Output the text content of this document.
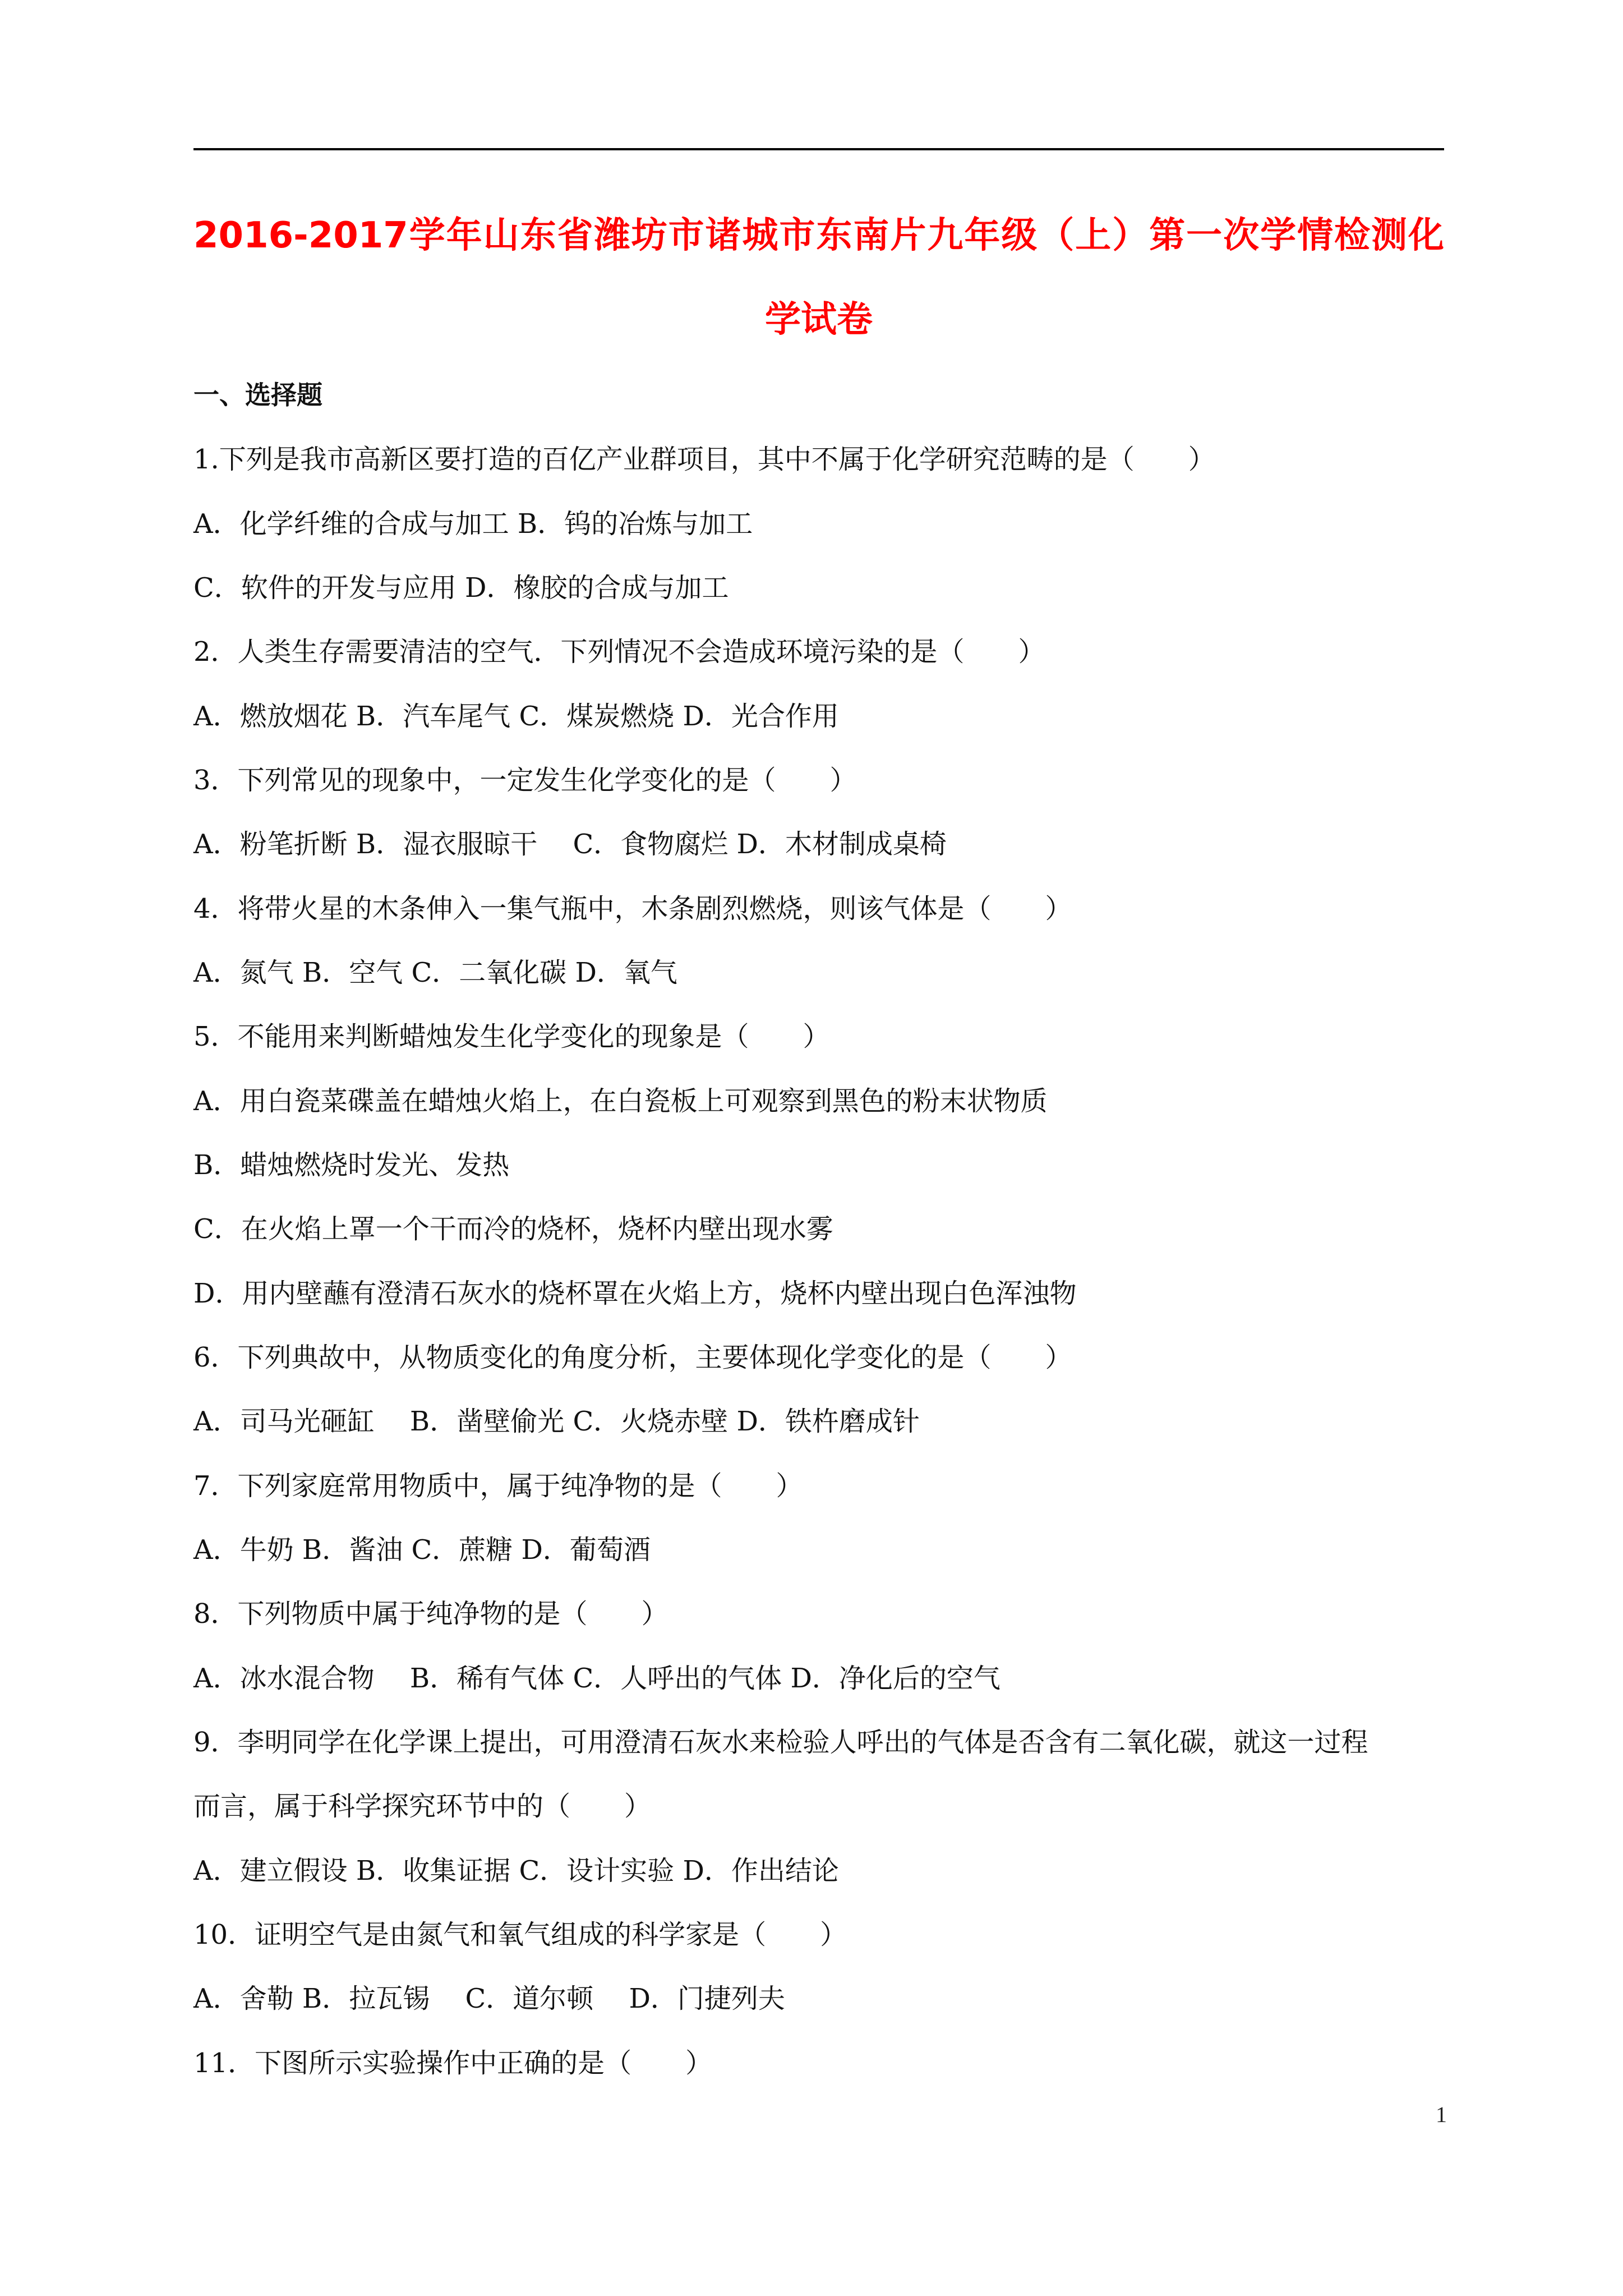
2016-2017学年山东省潍坊市诸城市东南片九年级（上）第一次学情检测化
学试卷
一、选择题
1.下列是我市高新区要打造的百亿产业群项目，其中不属于化学研究范畴的是（　　）
A．化学纤维的合成与加工 B．钨的冶炼与加工
C．软件的开发与应用 D．橡胶的合成与加工
2．人类生存需要清洁的空气．下列情况不会造成环境污染的是（　　）
A．燃放烟花 B．汽车尾气 C．煤炭燃烧 D．光合作用
3．下列常见的现象中，一定发生化学变化的是（　　）
A．粉笔折断 B．湿衣服晾干　 C．食物腐烂 D．木材制成桌椅
4．将带火星的木条伸入一集气瓶中，木条剧烈燃烧，则该气体是（　　）
A．氮气 B．空气 C．二氧化碳 D．氧气
5．不能用来判断蜡烛发生化学变化的现象是（　　）
A．用白瓷菜碟盖在蜡烛火焰上，在白瓷板上可观察到黑色的粉末状物质
B．蜡烛燃烧时发光、发热
C．在火焰上罩一个干而冷的烧杯，烧杯内壁出现水雾
D．用内壁蘸有澄清石灰水的烧杯罩在火焰上方，烧杯内壁出现白色浑浊物
6．下列典故中，从物质变化的角度分析，主要体现化学变化的是（　　）
A．司马光砸缸　 B．凿壁偷光 C．火烧赤壁 D．铁杵磨成针
7．下列家庭常用物质中，属于纯净物的是（　　）
A．牛奶 B．酱油 C．蔗糖 D．葡萄酒
8．下列物质中属于纯净物的是（　　）
A．冰水混合物　 B．稀有气体 C．人呼出的气体 D．净化后的空气
9．李明同学在化学课上提出，可用澄清石灰水来检验人呼出的气体是否含有二氧化碳，就这一过程
而言，属于科学探究环节中的（　　）
A．建立假设 B．收集证据 C．设计实验 D．作出结论
10．证明空气是由氮气和氧气组成的科学家是（　　）
A．舍勒 B．拉瓦锡　 C．道尔顿　 D．门捷列夫
11．下图所示实验操作中正确的是（　　）
1
